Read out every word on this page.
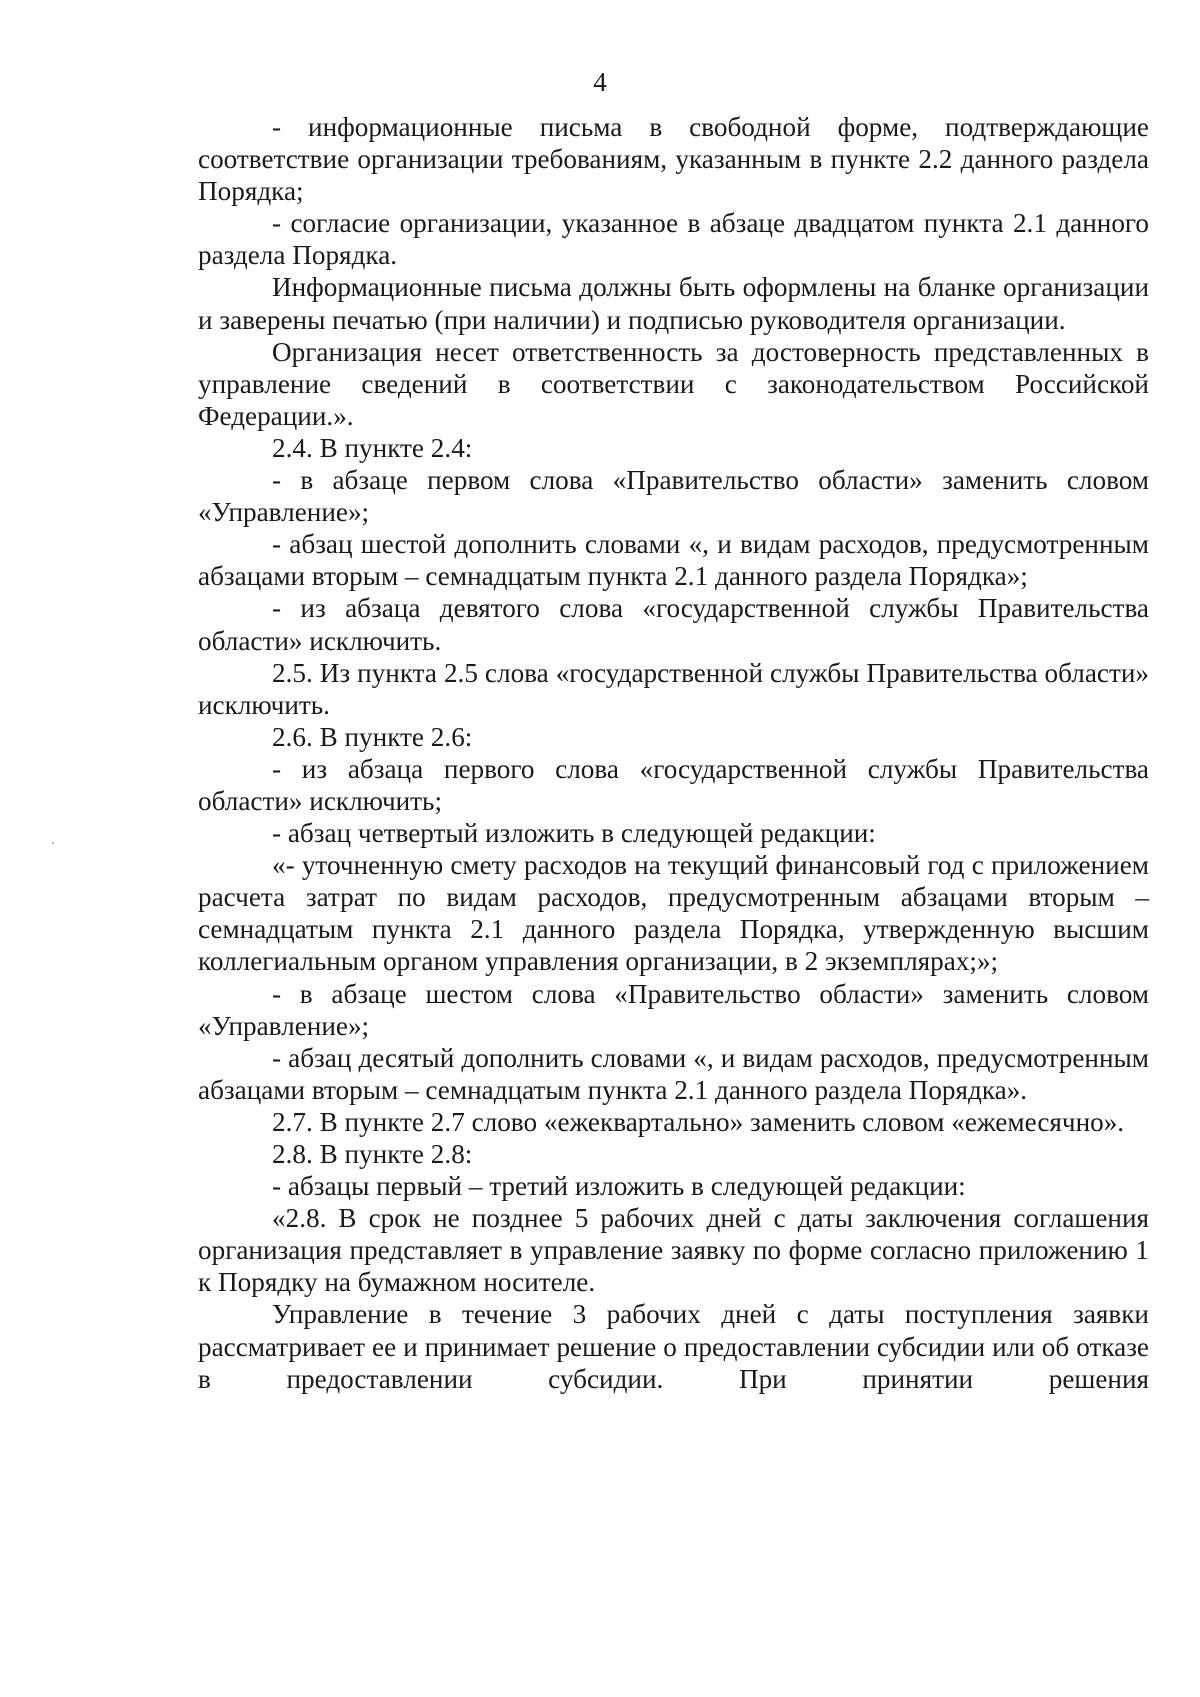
4

- информационные письма в свободной форме, подтверждающие соответствие организации требованиям, указанным в пункте 2.2 данного раздела Порядка;

- согласие организации, указанное в абзаце двадцатом пункта 2.1 данного раздела Порядка.

Информационные письма должны быть оформлены на бланке организации и заверены печатью (при наличии) и подписью руководителя организации.

Организация несет ответственность за достоверность представленных в управление сведений в соответствии с законодательством Российской Федерации.».

2.4. В пункте 2.4:

- в абзаце первом слова «Правительство области» заменить словом «Управление»;

- абзац шестой дополнить словами «, и видам расходов, предусмотренным абзацами вторым – семнадцатым пункта 2.1 данного раздела Порядка»;

- из абзаца девятого слова «государственной службы Правительства области» исключить.

2.5. Из пункта 2.5 слова «государственной службы Правительства области» исключить.

2.6. В пункте 2.6:

- из абзаца первого слова «государственной службы Правительства области» исключить;

- абзац четвертый изложить в следующей редакции:

«- уточненную смету расходов на текущий финансовый год с приложением расчета затрат по видам расходов, предусмотренным абзацами вторым – семнадцатым пункта 2.1 данного раздела Порядка, утвержденную высшим коллегиальным органом управления организации, в 2 экземплярах;»;

- в абзаце шестом слова «Правительство области» заменить словом «Управление»;

- абзац десятый дополнить словами «, и видам расходов, предусмотренным абзацами вторым – семнадцатым пункта 2.1 данного раздела Порядка».

2.7. В пункте 2.7 слово «ежеквартально» заменить словом «ежемесячно».

2.8. В пункте 2.8:

- абзацы первый – третий изложить в следующей редакции:

«2.8. В срок не позднее 5 рабочих дней с даты заключения соглашения организация представляет в управление заявку по форме согласно приложению 1 к Порядку на бумажном носителе.

Управление в течение 3 рабочих дней с даты поступления заявки рассматривает ее и принимает решение о предоставлении субсидии или об отказе в предоставлении субсидии. При принятии решения
